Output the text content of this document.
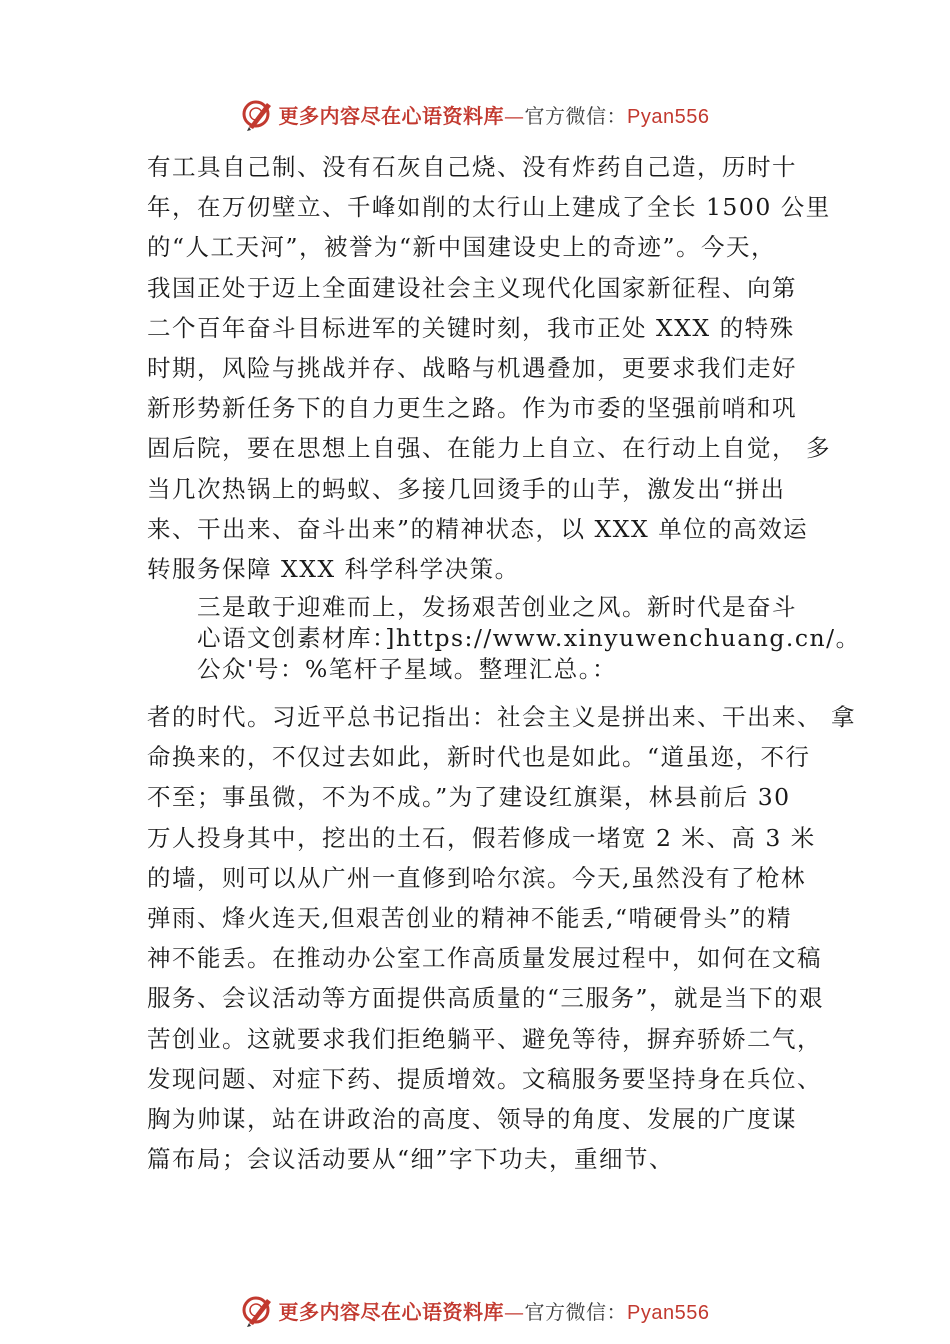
更多内容尽在心语资料库—官方微信：Pyan556
有工具自己制、没有石灰自己烧、没有炸药自己造，历时十
年，在万仞壁立、千峰如削的太行山上建成了全长 1500 公里
的“人工天河”，被誉为“新中国建设史上的奇迹”。今天，
我国正处于迈上全面建设社会主义现代化国家新征程、向第
二个百年奋斗目标进军的关键时刻，我市正处 XXX 的特殊
时期，风险与挑战并存、战略与机遇叠加，更要求我们走好
新形势新任务下的自力更生之路。作为市委的坚强前哨和巩
固后院，要在思想上自强、在能力上自立、在行动上自觉， 多
当几次热锅上的蚂蚁、多接几回烫手的山芋，激发出“拼出
来、干出来、奋斗出来”的精神状态，以 XXX 单位的高效运
转服务保障 XXX 科学科学决策。
三是敢于迎难而上，发扬艰苦创业之风。新时代是奋斗
心语文创素材库：]https://www.xinyuwenchuang.cn/。
公众'号：%笔杆子星域。整理汇总。：
者的时代。习近平总书记指出：社会主义是拼出来、干出来、 拿
命换来的，不仅过去如此，新时代也是如此。“道虽迩，不行
不至；事虽微，不为不成。”为了建设红旗渠，林县前后 30
万人投身其中，挖出的土石，假若修成一堵宽 2 米、高 3 米
的墙，则可以从广州一直修到哈尔滨。今天,虽然没有了枪林
弹雨、烽火连天,但艰苦创业的精神不能丢,“啃硬骨头”的精
神不能丢。在推动办公室工作高质量发展过程中，如何在文稿
服务、会议活动等方面提供高质量的“三服务”，就是当下的艰
苦创业。这就要求我们拒绝躺平、避免等待，摒弃骄娇二气，
发现问题、对症下药、提质增效。文稿服务要坚持身在兵位、
胸为帅谋，站在讲政治的高度、领导的角度、发展的广度谋
篇布局；会议活动要从“细”字下功夫，重细节、
更多内容尽在心语资料库—官方微信：Pyan556
